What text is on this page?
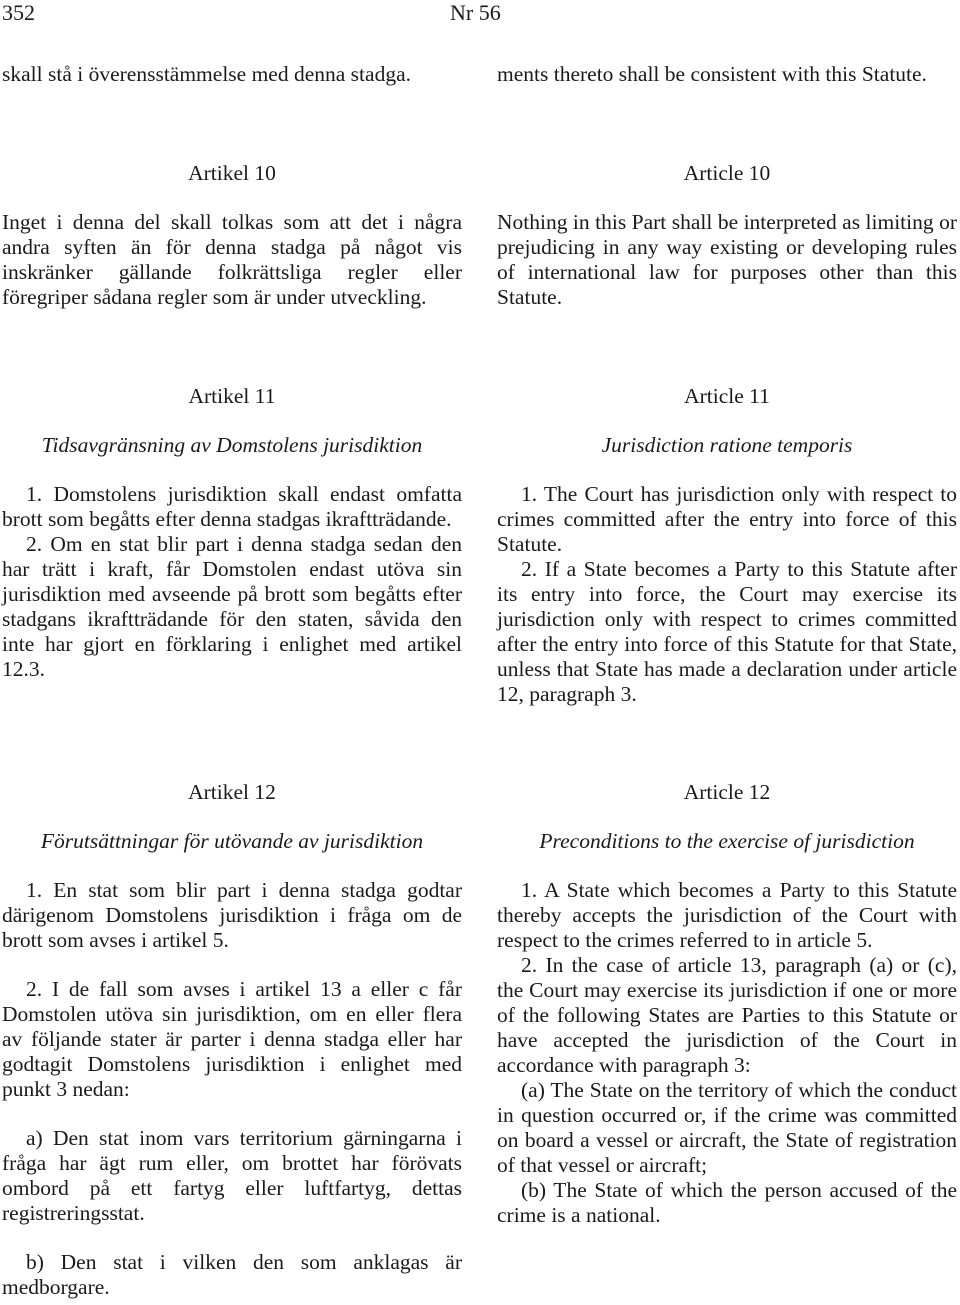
352	Nr 56

skall stå i överensstämmelse med denna stadga.

Artikel 10

Inget i denna del skall tolkas som att det i några andra syften än för denna stadga på något vis inskränker gällande folkrättsliga regler eller föregriper sådana regler som är under utveckling.

Artikel 11

Tidsavgränsning av Domstolens jurisdiktion

1. Domstolens jurisdiktion skall endast omfatta brott som begåtts efter denna stadgas ikraftträdande.

2. Om en stat blir part i denna stadga sedan den har trätt i kraft, får Domstolen endast utöva sin jurisdiktion med avseende på brott som begåtts efter stadgans ikraftträdande för den staten, såvida den inte har gjort en förklaring i enlighet med artikel 12.3.

Artikel 12

Förutsättningar för utövande av jurisdiktion

1. En stat som blir part i denna stadga godtar därigenom Domstolens jurisdiktion i fråga om de brott som avses i artikel 5.

2. I de fall som avses i artikel 13 a eller c får Domstolen utöva sin jurisdiktion, om en eller flera av följande stater är parter i denna stadga eller har godtagit Domstolens jurisdiktion i enlighet med punkt 3 nedan:

a) Den stat inom vars territorium gärningarna i fråga har ägt rum eller, om brottet har förövats ombord på ett fartyg eller luftfartyg, dettas registreringsstat.

b) Den stat i vilken den som anklagas är medborgare.

ments thereto shall be consistent with this Statute.

Article 10

Nothing in this Part shall be interpreted as limiting or prejudicing in any way existing or developing rules of international law for purposes other than this Statute.

Article 11

Jurisdiction ratione temporis

1. The Court has jurisdiction only with respect to crimes committed after the entry into force of this Statute.

2. If a State becomes a Party to this Statute after its entry into force, the Court may exercise its jurisdiction only with respect to crimes committed after the entry into force of this Statute for that State, unless that State has made a declaration under article 12, paragraph 3.

Article 12

Preconditions to the exercise of jurisdiction

1. A State which becomes a Party to this Statute thereby accepts the jurisdiction of the Court with respect to the crimes referred to in article 5.

2. In the case of article 13, paragraph (a) or (c), the Court may exercise its jurisdiction if one or more of the following States are Parties to this Statute or have accepted the jurisdiction of the Court in accordance with paragraph 3:

(a) The State on the territory of which the conduct in question occurred or, if the crime was committed on board a vessel or aircraft, the State of registration of that vessel or aircraft;

(b) The State of which the person accused of the crime is a national.
